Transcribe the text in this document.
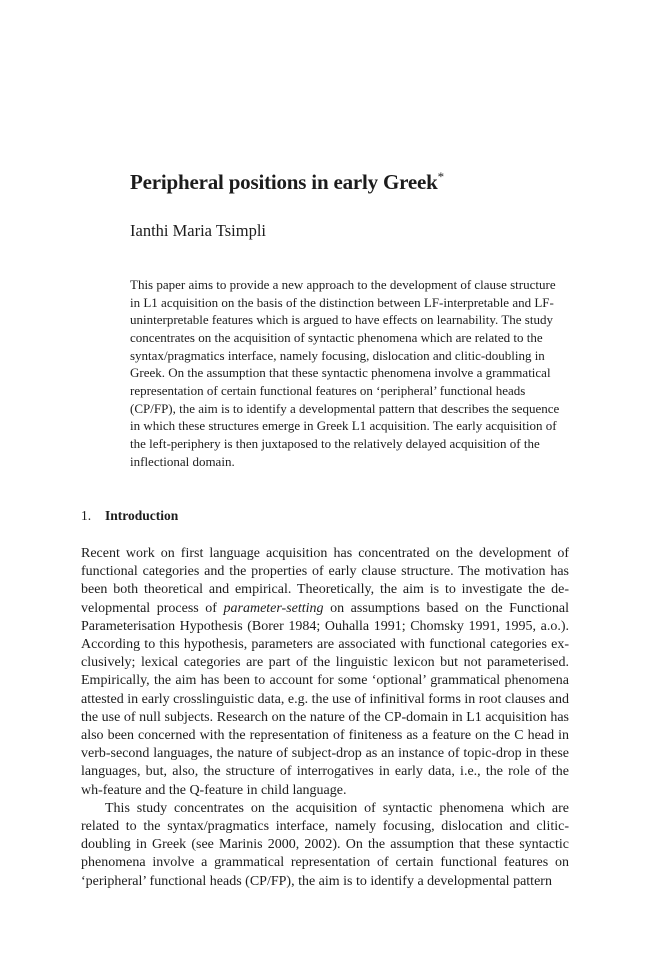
Peripheral positions in early Greek*
Ianthi Maria Tsimpli

This paper aims to provide a new approach to the development of clause structure in L1 acquisition on the basis of the distinction between LF-interpretable and LF-uninterpretable features which is argued to have effects on learnability. The study concentrates on the acquisition of syntactic phenomena which are related to the syntax/pragmatics interface, namely focusing, dislocation and clitic-doubling in Greek. On the assumption that these syntactic phenomena involve a grammatical representation of certain functional features on ‘peripheral’ functional heads (CP/FP), the aim is to identify a developmental pattern that describes the sequence in which these structures emerge in Greek L1 acquisition. The early acquisition of the left-periphery is then juxtaposed to the relatively delayed acquisition of the inflectional domain.

1. Introduction

Recent work on first language acquisition has concentrated on the development of functional categories and the properties of early clause structure. The motivation has been both theoretical and empirical. Theoretically, the aim is to investigate the developmental process of parameter-setting on assumptions based on the Functional Parameterisation Hypothesis (Borer 1984; Ouhalla 1991; Chomsky 1991, 1995, a.o.). According to this hypothesis, parameters are associated with functional categories exclusively; lexical categories are part of the linguistic lexicon but not parameterised. Empirically, the aim has been to account for some ‘optional’ grammatical phenomena attested in early crosslinguistic data, e.g. the use of infinitival forms in root clauses and the use of null subjects. Research on the nature of the CP-domain in L1 acquisition has also been concerned with the representation of finiteness as a feature on the C head in verb-second languages, the nature of subject-drop as an instance of topic-drop in these languages, but, also, the structure of interrogatives in early data, i.e., the role of the wh-feature and the Q-feature in child language.

This study concentrates on the acquisition of syntactic phenomena which are related to the syntax/pragmatics interface, namely focusing, dislocation and clitic-doubling in Greek (see Marinis 2000, 2002). On the assumption that these syntactic phenomena involve a grammatical representation of certain functional features on ‘peripheral’ functional heads (CP/FP), the aim is to identify a developmental pattern
